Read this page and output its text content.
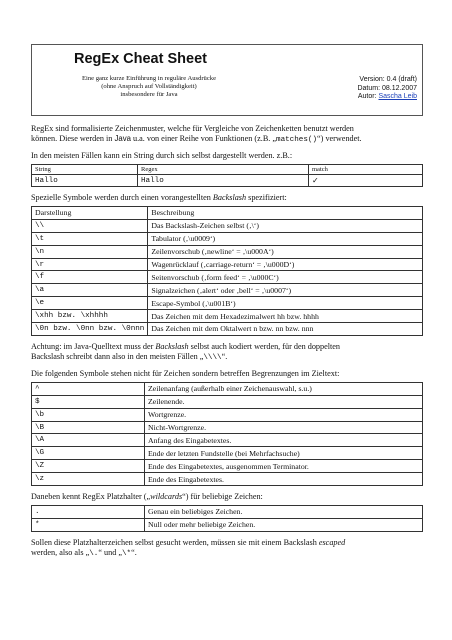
RegEx Cheat Sheet
Eine ganz kurze Einführung in reguläre Ausdrücke
(ohne Anspruch auf Vollständigkeit)
insbesondere für Java
Version: 0.4 (draft)
Datum: 08.12.2007
Autor: Sascha Leib

RegEx sind formalisierte Zeichenmuster, welche für Vergleiche von Zeichenketten benutzt werden
können. Diese werden in Java u.a. von einer Reihe von Funktionen (z.B. „matches()“) verwendet.

In den meisten Fällen kann ein String durch sich selbst dargestellt werden. z.B.:

String	Regex	match
Hallo	Hallo	✓

Spezielle Symbole werden durch einen vorangestellten Backslash spezifiziert:

Darstellung	Beschreibung
\\	Das Backslash-Zeichen selbst (‚\‘)
\t	Tabulator (‚\u0009‘)
\n	Zeilenvorschub (‚newline‘ = ‚\u000A‘)
\r	Wagenrücklauf (‚carriage-return‘ = ‚\u000D‘)
\f	Seitenvorschub (‚form feed‘ = ‚\u000C‘)
\a	Signalzeichen (‚alert‘ oder ‚bell‘ = ‚\u0007‘)
\e	Escape-Symbol (‚\u001B‘)
\xhh bzw. \xhhhh	Das Zeichen mit dem Hexadezimalwert hh bzw. hhhh
\0n bzw. \0nn bzw. \0nnn	Das Zeichen mit dem Oktalwert n bzw. nn bzw. nnn

Achtung: im Java-Quelltext muss der Backslash selbst auch kodiert werden, für den doppelten
Backslash schreibt dann also in den meisten Fällen „\\\\“.

Die folgenden Symbole stehen nicht für Zeichen sondern betreffen Begrenzungen im Zieltext:

^	Zeilenanfang (außerhalb einer Zeichenauswahl, s.u.)
$	Zeilenende.
\b	Wortgrenze.
\B	Nicht-Wortgrenze.
\A	Anfang des Eingabetextes.
\G	Ende der letzten Fundstelle (bei Mehrfachsuche)
\Z	Ende des Eingabetextes, ausgenommen Terminator.
\z	Ende des Eingabetextes.

Daneben kennt RegEx Platzhalter („wildcards“) für beliebige Zeichen:

.	Genau ein beliebiges Zeichen.
*	Null oder mehr beliebige Zeichen.

Sollen diese Platzhalterzeichen selbst gesucht werden, müssen sie mit einem Backslash escaped
werden, also als „\.“ und „\*“.
